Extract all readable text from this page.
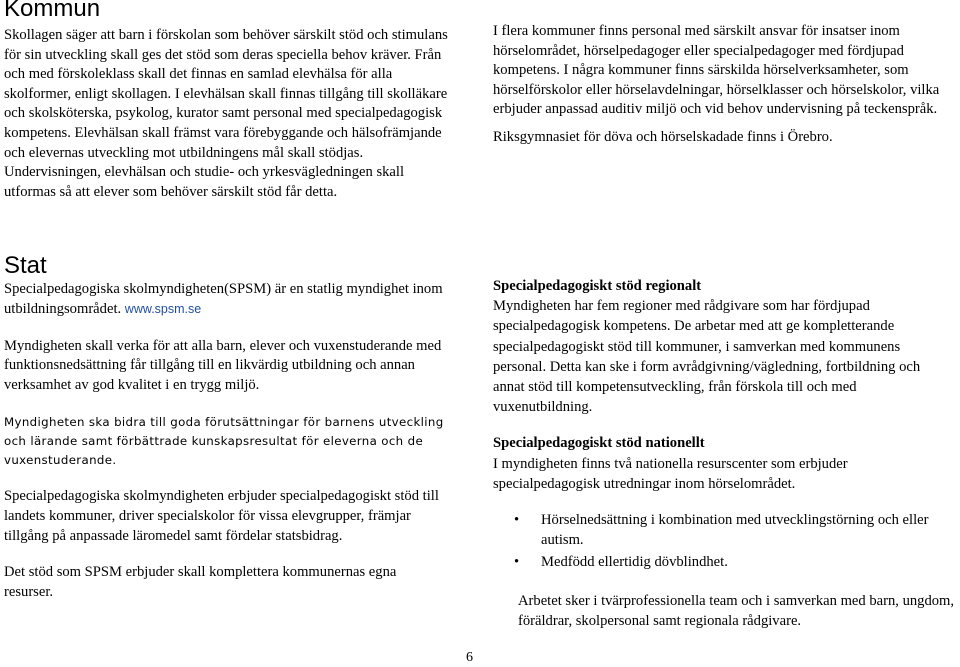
Kommun

Skollagen säger att barn i förskolan som behöver särskilt stöd och stimulans för sin utveckling skall ges det stöd som deras speciella behov kräver. Från och med förskoleklass skall det finnas en samlad elevhälsa för alla skolformer, enligt skollagen. I elevhälsan skall finnas tillgång till skolläkare och skolsköterska, psykolog, kurator samt personal med specialpedagogisk kompetens. Elevhälsan skall främst vara förebyggande och hälsofrämjande och elevernas utveckling mot utbildningens mål skall stödjas. Undervisningen, elevhälsan och studie- och yrkesvägledningen skall utformas så att elever som behöver särskilt stöd får detta.

I flera kommuner finns personal med särskilt ansvar för insatser inom hörselområdet, hörselpedagoger eller specialpedagoger med fördjupad kompetens. I några kommuner finns särskilda hörselverksamheter, som hörselförskolor eller hörselavdelningar, hörselklasser och hörselskolor, vilka erbjuder anpassad auditiv miljö och vid behov undervisning på teckenspråk.

Riksgymnasiet för döva och hörselskadade finns i Örebro.

Stat

Specialpedagogiska skolmyndigheten(SPSM) är en statlig myndighet inom utbildningsområdet. www.spsm.se

Myndigheten skall verka för att alla barn, elever och vuxenstuderande med funktionsnedsättning får tillgång till en likvärdig utbildning och annan verksamhet av god kvalitet i en trygg miljö.

Myndigheten ska bidra till goda förutsättningar för barnens utveckling och lärande samt förbättrade kunskapsresultat för eleverna och de vuxenstuderande.

Specialpedagogiska skolmyndigheten erbjuder specialpedagogiskt stöd till landets kommuner, driver specialskolor för vissa elevgrupper, främjar tillgång på anpassade läromedel samt fördelar statsbidrag.

Det stöd som SPSM erbjuder skall komplettera kommunernas egna resurser.

Specialpedagogiskt stöd regionalt

Myndigheten har fem regioner med rådgivare som har fördjupad specialpedagogisk kompetens. De arbetar med att ge kompletterande specialpedagogiskt stöd till kommuner, i samverkan med kommunens personal. Detta kan ske i form avrådgivning/vägledning, fortbildning och annat stöd till kompetensutveckling, från förskola till och med vuxenutbildning.

Specialpedagogiskt stöd nationellt

I myndigheten finns två nationella resurscenter som erbjuder specialpedagogisk utredningar inom hörselområdet.

• Hörselnedsättning i kombination med utvecklingstörning och eller autism.
• Medfödd ellertidig dövblindhet.

Arbetet sker i tvärprofessionella team och i samverkan med barn, ungdom, föräldrar, skolpersonal samt regionala rådgivare.

6
